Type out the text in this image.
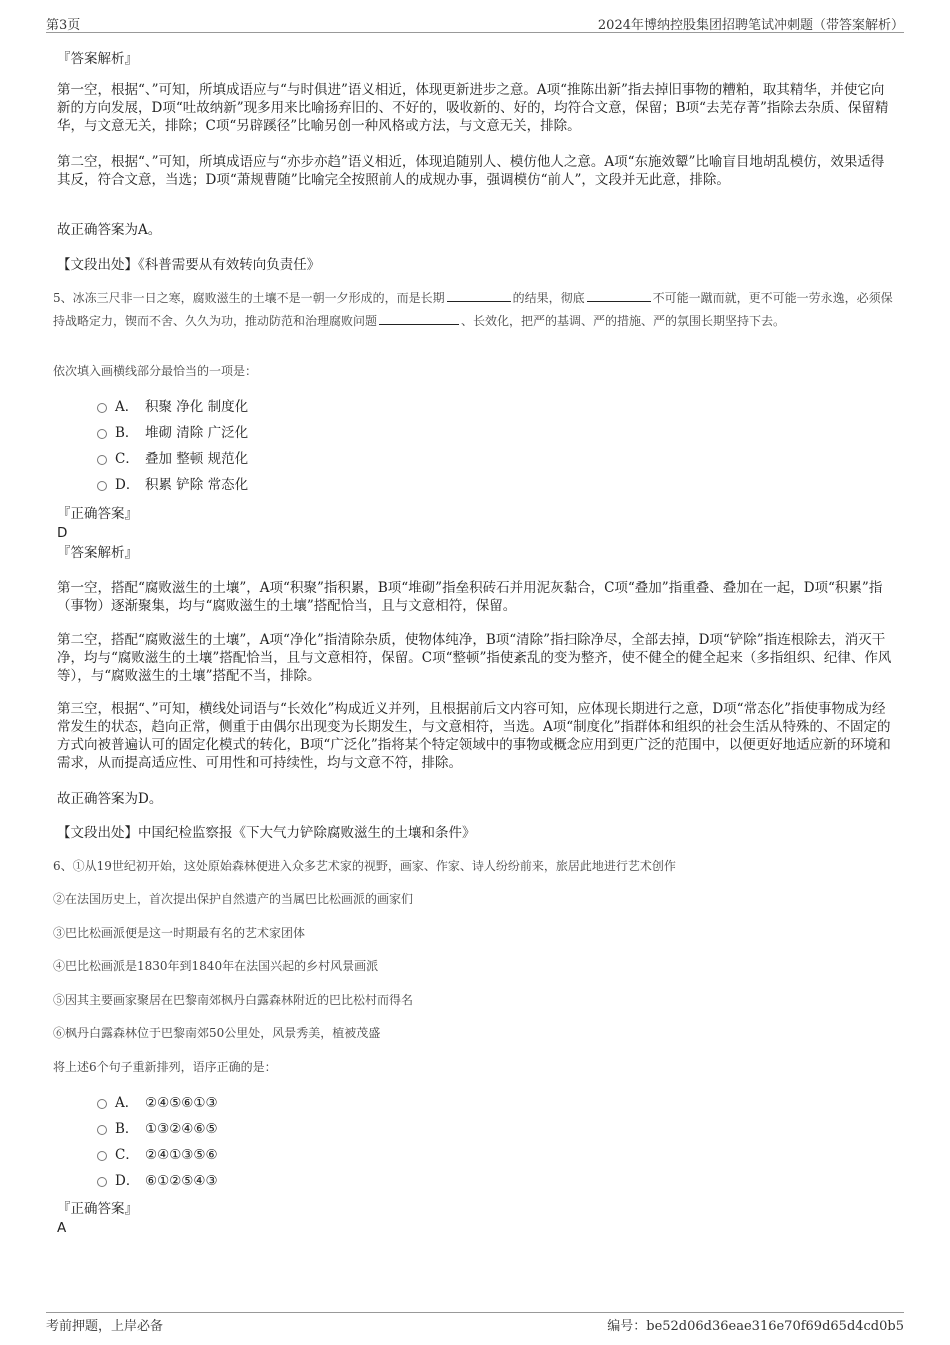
第3页	2024年博纳控股集团招聘笔试冲刺题（带答案解析）
『答案解析』

第一空，根据“、”可知，所填成语应与“与时俱进”语义相近，体现更新进步之意。A项“推陈出新”指去掉旧事物的糟粕，取其精华，并使它向新的方向发展，D项“吐故纳新”现多用来比喻扬弃旧的、不好的，吸收新的、好的，均符合文意，保留；B项“去芜存菁”指除去杂质、保留精华，与文意无关，排除；C项“另辟蹊径”比喻另创一种风格或方法，与文意无关，排除。

第二空，根据“、”可知，所填成语应与“亦步亦趋”语义相近，体现追随别人、模仿他人之意。A项“东施效颦”比喻盲目地胡乱模仿，效果适得其反，符合文意，当选；D项“萧规曹随”比喻完全按照前人的成规办事，强调模仿“前人”，文段并无此意，排除。

故正确答案为A。

【文段出处】《科普需要从有效转向负责任》

5、冰冻三尺非一日之寒，腐败滋生的土壤不是一朝一夕形成的，而是长期	的结果，彻底	不可能一蹴而就，更不可能一劳永逸，必须保持战略定力，锲而不舍、久久为功，推动防范和治理腐败问题	、长效化，把严的基调、严的措施、严的氛围长期坚持下去。
依次填入画横线部分最恰当的一项是：
A． 积聚 净化 制度化
B． 堆砌 清除 广泛化
C． 叠加 整顿 规范化
D． 积累 铲除 常态化
『正确答案』
D
『答案解析』

第一空，搭配“腐败滋生的土壤”，A项“积聚”指积累，B项“堆砌”指垒积砖石并用泥灰黏合，C项“叠加”指重叠、叠加在一起，D项“积累”指（事物）逐渐聚集，均与“腐败滋生的土壤”搭配恰当，且与文意相符，保留。

第二空，搭配“腐败滋生的土壤”，A项“净化”指清除杂质，使物体纯净，B项“清除”指扫除净尽，全部去掉，D项“铲除”指连根除去，消灭干净，均与“腐败滋生的土壤”搭配恰当，且与文意相符，保留。C项“整顿”指使紊乱的变为整齐，使不健全的健全起来（多指组织、纪律、作风等），与“腐败滋生的土壤”搭配不当，排除。

第三空，根据“、”可知，横线处词语与“长效化”构成近义并列，且根据前后文内容可知，应体现长期进行之意，D项“常态化”指使事物成为经常发生的状态，趋向正常，侧重于由偶尔出现变为长期发生，与文意相符，当选。A项“制度化”指群体和组织的社会生活从特殊的、不固定的方式向被普遍认可的固定化模式的转化，B项“广泛化”指将某个特定领域中的事物或概念应用到更广泛的范围中，以便更好地适应新的环境和需求，从而提高适应性、可用性和可持续性，均与文意不符，排除。

故正确答案为D。

【文段出处】中国纪检监察报《下大气力铲除腐败滋生的土壤和条件》

6、①从19世纪初开始，这处原始森林便进入众多艺术家的视野，画家、作家、诗人纷纷前来，旅居此地进行艺术创作
②在法国历史上，首次提出保护自然遗产的当属巴比松画派的画家们
③巴比松画派便是这一时期最有名的艺术家团体
④巴比松画派是1830年到1840年在法国兴起的乡村风景画派
⑤因其主要画家聚居在巴黎南郊枫丹白露森林附近的巴比松村而得名
⑥枫丹白露森林位于巴黎南郊50公里处，风景秀美，植被茂盛
将上述6个句子重新排列，语序正确的是：
A． ②④⑤⑥①③
B． ①③②④⑥⑤
C． ②④①③⑤⑥
D． ⑥①②⑤④③
『正确答案』
A
考前押题，上岸必备	编号：be52d06d36eae316e70f69d65d4cd0b5
